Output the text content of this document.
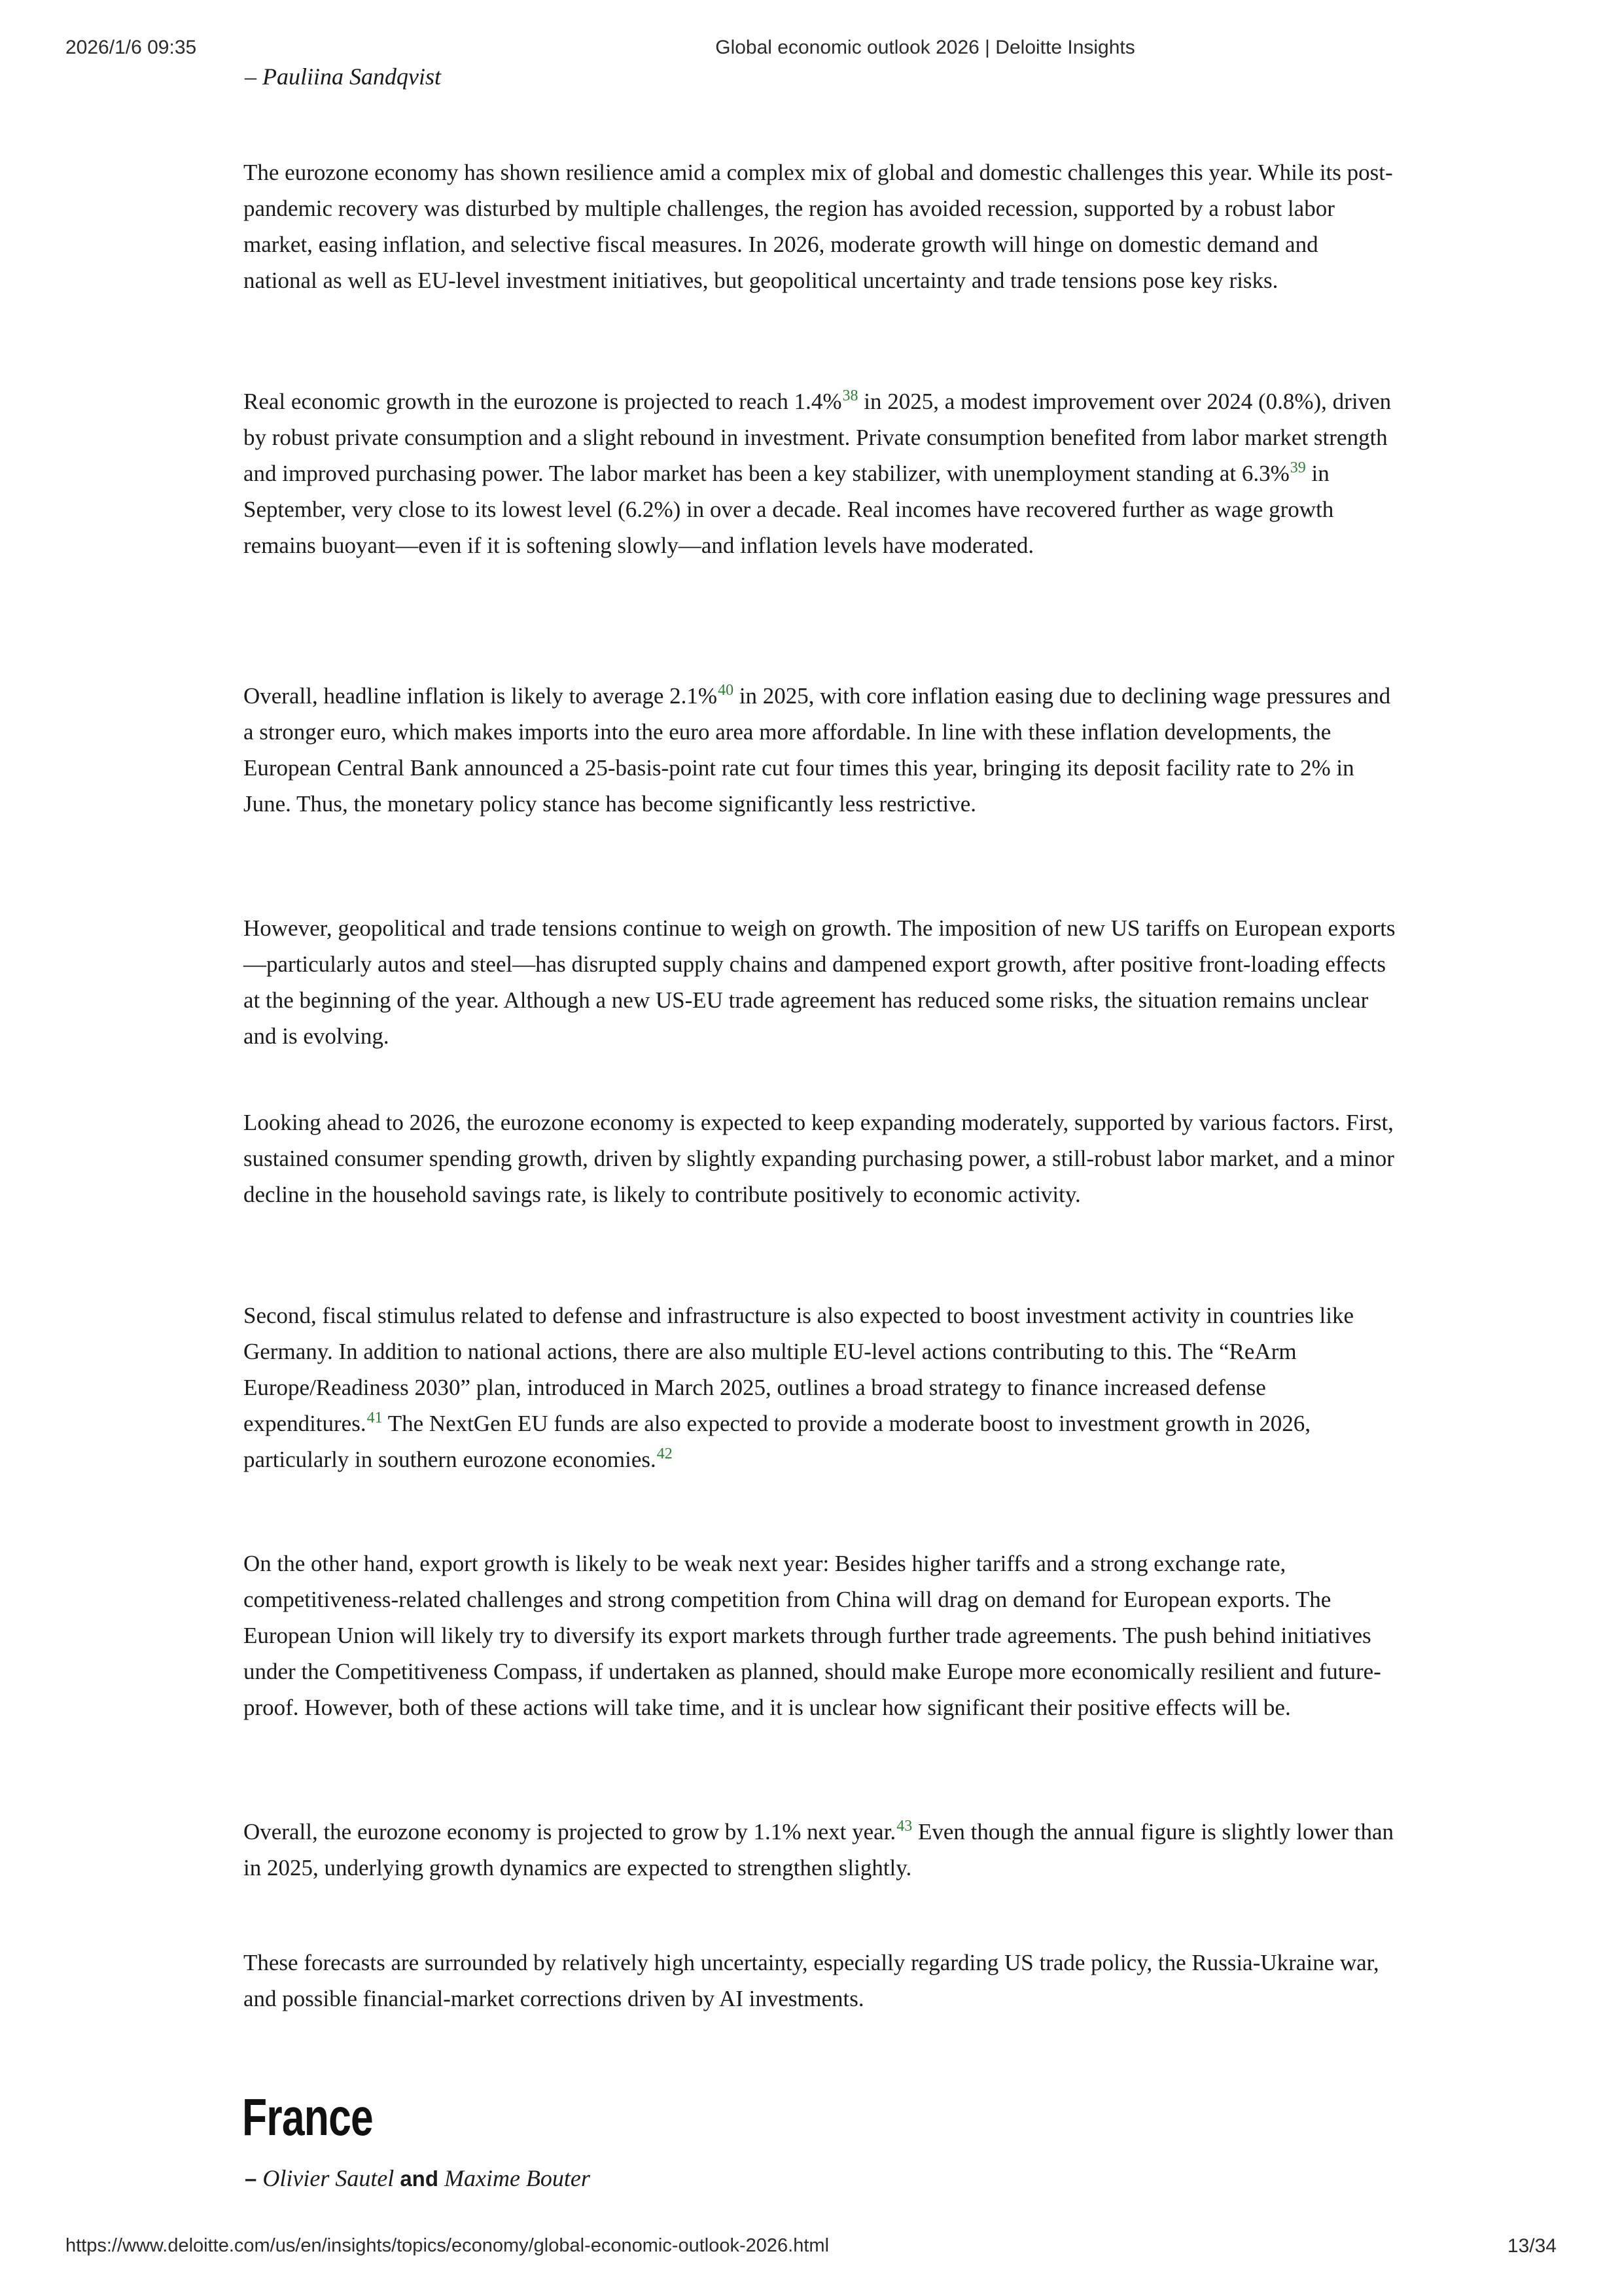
2026/1/6 09:35	Global economic outlook 2026 | Deloitte Insights
– Pauliina Sandqvist

The eurozone economy has shown resilience amid a complex mix of global and domestic challenges this year. While its post-pandemic recovery was disturbed by multiple challenges, the region has avoided recession, supported by a robust labor market, easing inflation, and selective fiscal measures. In 2026, moderate growth will hinge on domestic demand and national as well as EU-level investment initiatives, but geopolitical uncertainty and trade tensions pose key risks.

Real economic growth in the eurozone is projected to reach 1.4%$^{38}$ in 2025, a modest improvement over 2024 (0.8%), driven by robust private consumption and a slight rebound in investment. Private consumption benefited from labor market strength and improved purchasing power. The labor market has been a key stabilizer, with unemployment standing at 6.3%$^{39}$ in September, very close to its lowest level (6.2%) in over a decade. Real incomes have recovered further as wage growth remains buoyant—even if it is softening slowly—and inflation levels have moderated.

Overall, headline inflation is likely to average 2.1%$^{40}$ in 2025, with core inflation easing due to declining wage pressures and a stronger euro, which makes imports into the euro area more affordable. In line with these inflation developments, the European Central Bank announced a 25-basis-point rate cut four times this year, bringing its deposit facility rate to 2% in June. Thus, the monetary policy stance has become significantly less restrictive.

However, geopolitical and trade tensions continue to weigh on growth. The imposition of new US tariffs on European exports—particularly autos and steel—has disrupted supply chains and dampened export growth, after positive front-loading effects at the beginning of the year. Although a new US-EU trade agreement has reduced some risks, the situation remains unclear and is evolving.

Looking ahead to 2026, the eurozone economy is expected to keep expanding moderately, supported by various factors. First, sustained consumer spending growth, driven by slightly expanding purchasing power, a still-robust labor market, and a minor decline in the household savings rate, is likely to contribute positively to economic activity.

Second, fiscal stimulus related to defense and infrastructure is also expected to boost investment activity in countries like Germany. In addition to national actions, there are also multiple EU-level actions contributing to this. The “ReArm Europe/Readiness 2030” plan, introduced in March 2025, outlines a broad strategy to finance increased defense expenditures.$^{41}$ The NextGen EU funds are also expected to provide a moderate boost to investment growth in 2026, particularly in southern eurozone economies.$^{42}$

On the other hand, export growth is likely to be weak next year: Besides higher tariffs and a strong exchange rate, competitiveness-related challenges and strong competition from China will drag on demand for European exports. The European Union will likely try to diversify its export markets through further trade agreements. The push behind initiatives under the Competitiveness Compass, if undertaken as planned, should make Europe more economically resilient and future-proof. However, both of these actions will take time, and it is unclear how significant their positive effects will be.

Overall, the eurozone economy is projected to grow by 1.1% next year.$^{43}$ Even though the annual figure is slightly lower than in 2025, underlying growth dynamics are expected to strengthen slightly.

These forecasts are surrounded by relatively high uncertainty, especially regarding US trade policy, the Russia-Ukraine war, and possible financial-market corrections driven by AI investments.

France
– Olivier Sautel and Maxime Bouter
https://www.deloitte.com/us/en/insights/topics/economy/global-economic-outlook-2026.html	13/34
